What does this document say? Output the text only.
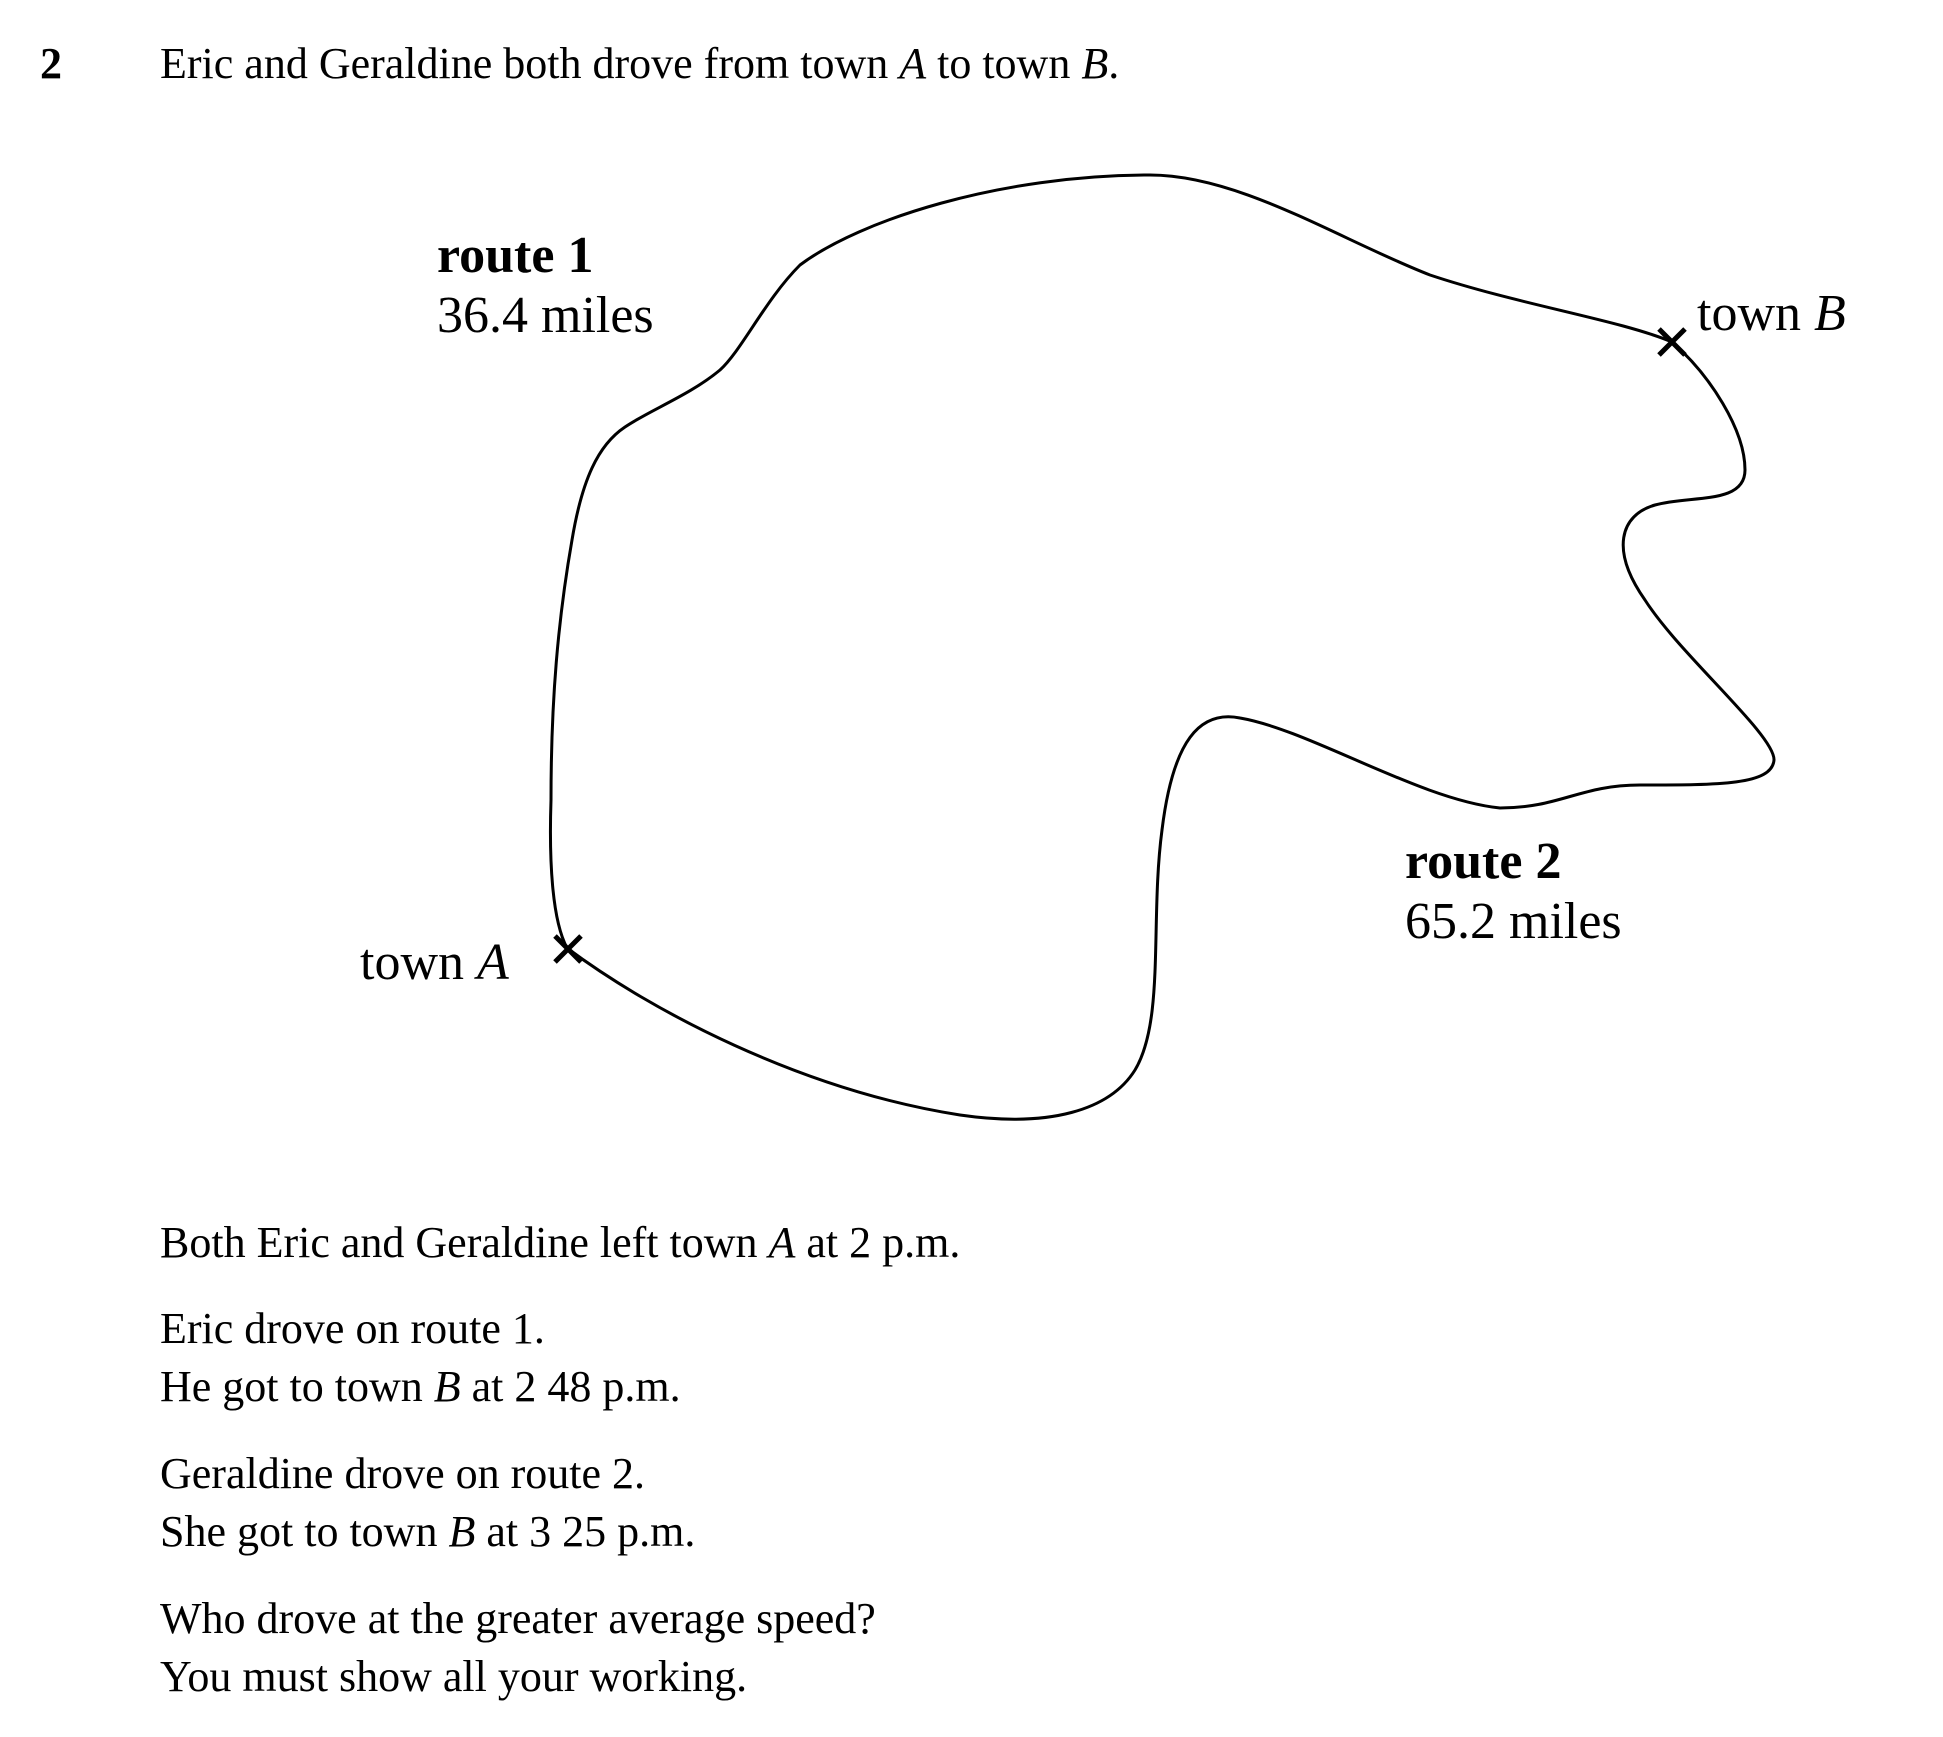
2 Eric and Geraldine both drove from town A to town B.
route 1
36.4 miles
route 2
65.2 miles
town A
town B
Both Eric and Geraldine left town A at 2 p.m.
Eric drove on route 1.
He got to town B at 2 48 p.m.
Geraldine drove on route 2.
She got to town B at 3 25 p.m.
Who drove at the greater average speed?
You must show all your working.
